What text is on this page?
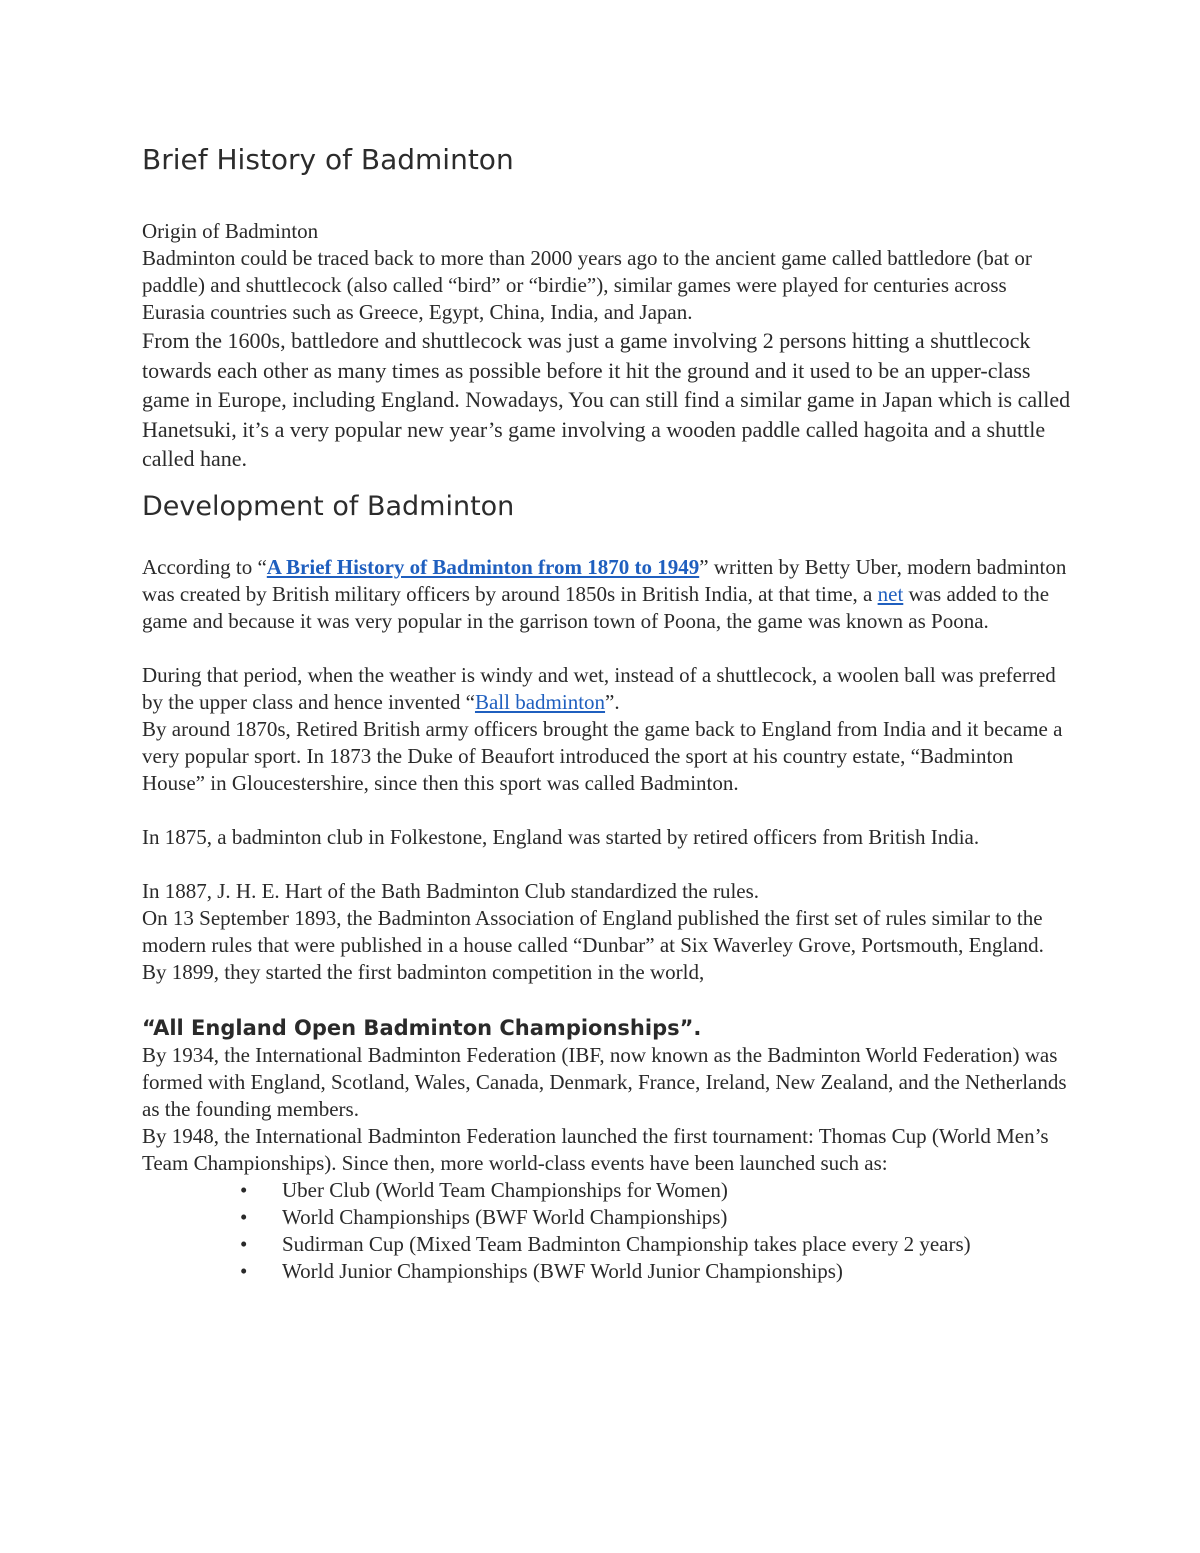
Brief History of Badminton

Origin of Badminton

Badminton could be traced back to more than 2000 years ago to the ancient game called battledore (bat or paddle) and shuttlecock (also called “bird” or “birdie”), similar games were played for centuries across Eurasia countries such as Greece, Egypt, China, India, and Japan.

From the 1600s, battledore and shuttlecock was just a game involving 2 persons hitting a shuttlecock towards each other as many times as possible before it hit the ground and it used to be an upper-class game in Europe, including England. Nowadays, You can still find a similar game in Japan which is called Hanetsuki, it’s a very popular new year’s game involving a wooden paddle called hagoita and a shuttle called hane.

Development of Badminton

According to “A Brief History of Badminton from 1870 to 1949” written by Betty Uber, modern badminton was created by British military officers by around 1850s in British India, at that time, a net was added to the game and because it was very popular in the garrison town of Poona, the game was known as Poona.

During that period, when the weather is windy and wet, instead of a shuttlecock, a woolen ball was preferred by the upper class and hence invented “Ball badminton”.

By around 1870s, Retired British army officers brought the game back to England from India and it became a very popular sport. In 1873 the Duke of Beaufort introduced the sport at his country estate, “Badminton House” in Gloucestershire, since then this sport was called Badminton.

In 1875, a badminton club in Folkestone, England was started by retired officers from British India.

In 1887, J. H. E. Hart of the Bath Badminton Club standardized the rules.

On 13 September 1893, the Badminton Association of England published the first set of rules similar to the modern rules that were published in a house called “Dunbar” at Six Waverley Grove, Portsmouth, England. By 1899, they started the first badminton competition in the world,

“All England Open Badminton Championships”.

By 1934, the International Badminton Federation (IBF, now known as the Badminton World Federation) was formed with England, Scotland, Wales, Canada, Denmark, France, Ireland, New Zealand, and the Netherlands as the founding members.

By 1948, the International Badminton Federation launched the first tournament: Thomas Cup (World Men’s Team Championships). Since then, more world-class events have been launched such as:

• Uber Club (World Team Championships for Women)
• World Championships (BWF World Championships)
• Sudirman Cup (Mixed Team Badminton Championship takes place every 2 years)
• World Junior Championships (BWF World Junior Championships)
